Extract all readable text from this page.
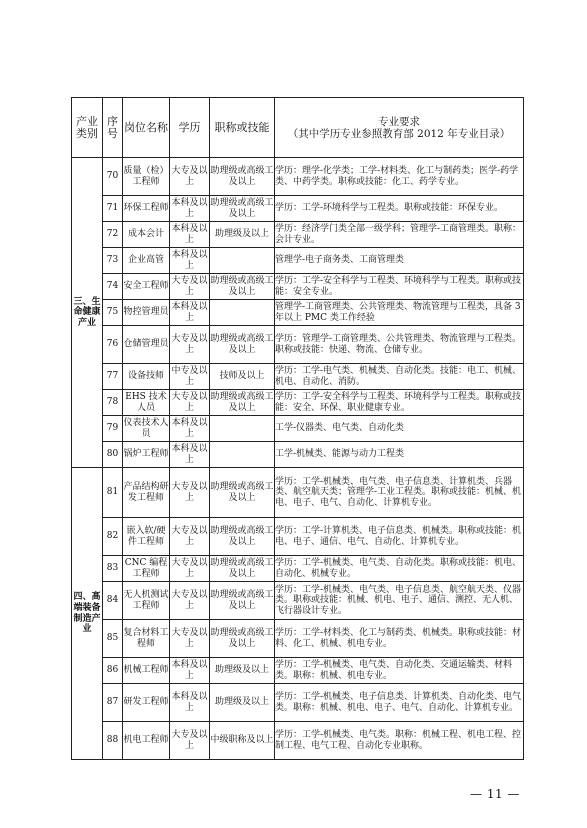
产业类别	序号	岗位名称	学历	职称或技能	专业要求
（其中学历专业参照教育部 2012 年专业目录）

三、生命健康产业	70	质量（检）工程师	大专及以上	助理级或高级工及以上	学历：理学-化学类；工学-材料类、化工与制药类；医学-药学类、中药学类。职称或技能：化工、药学专业。
	71	环保工程师	本科及以上	助理级或高级工及以上	学历：工学-环境科学与工程类。职称或技能：环保专业。
	72	成本会计	本科及以上	助理级及以上	学历：经济学门类全部一级学科；管理学-工商管理类。职称：会计专业。
	73	企业高管	本科及以上		管理学-电子商务类、工商管理类
	74	安全工程师	大专及以上	助理级或高级工及以上	学历：工学-安全科学与工程类、环境科学与工程类。职称或技能：安全专业。
	75	物控管理员	本科及以上		管理学-工商管理类、公共管理类、物流管理与工程类，具备 3 年以上 PMC 类工作经验
	76	仓储管理员	大专及以上	助理级或高级工及以上	学历：管理学-工商管理类、公共管理类、物流管理与工程类。职称或技能：快递、物流、仓储专业。
	77	设备技师	中专及以上	技师及以上	学历：工学-电气类、机械类、自动化类。技能：电工、机械、机电、自动化、消防。
	78	EHS 技术人员	大专及以上	助理级或高级工及以上	学历：工学-安全科学与工程类、环境科学与工程类。职称或技能：安全、环保、职业健康专业。
	79	仪表技术人员	本科及以上		工学-仪器类、电气类、自动化类
	80	锅炉工程师	本科及以上		工学-机械类、能源与动力工程类
四、高端装备制造产业	81	产品结构研发工程师	大专及以上	助理级或高级工及以上	学历：工学-机械类、电气类、电子信息类、计算机类、兵器类、航空航天类；管理学-工业工程类。职称或技能：机械、机电、电子、电气、自动化、计算机专业。
	82	嵌入软/硬件工程师	大专及以上	助理级或高级工及以上	学历：工学-计算机类、电子信息类、机械类。职称或技能：机电、电子、通信、电气、自动化、计算机专业。
	83	CNC 编程工程师	大专及以上	助理级或高级工及以上	学历：工学-机械类、电气类、自动化类。职称或技能：机电、自动化、机械专业。
	84	无人机测试工程师	大专及以上	助理级或高级工及以上	学历：工学-机械类、电气类、电子信息类、航空航天类、仪器类。职称或技能：机械、机电、电子、通信、测控、无人机、飞行器设计专业。
	85	复合材料工程师	大专及以上	助理级或高级工及以上	学历：工学-材料类、化工与制药类、机械类。职称或技能：材料、化工、机械、机电专业。
	86	机械工程师	本科及以上	助理级及以上	学历：工学-机械类、电气类、自动化类、交通运输类、材料类。职称：机械、机电专业。
	87	研发工程师	本科及以上	助理级及以上	学历：工学-机械类、电子信息类、计算机类、自动化类、电气类。职称：机械、机电、电子、电气、自动化、计算机专业。
	88	机电工程师	大专及以上	中级职称及以上	学历：工学-机械类、电气类。职称：机械工程、机电工程、控制工程、电气工程、自动化专业职称。
— 11 —
